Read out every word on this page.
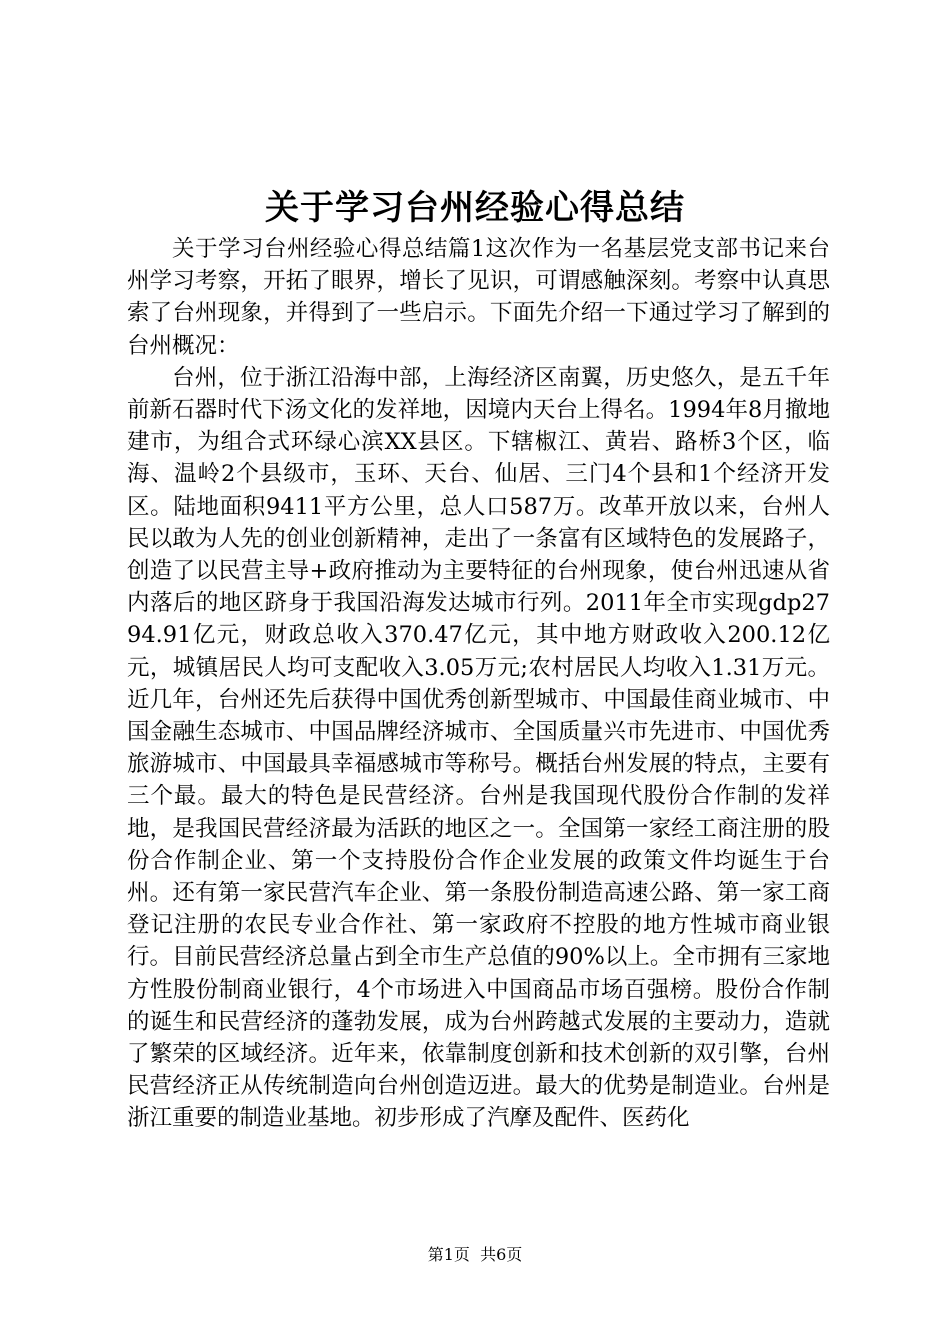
关于学习台州经验心得总结

关于学习台州经验心得总结篇1这次作为一名基层党支部书记来台州学习考察，开拓了眼界，增长了见识，可谓感触深刻。考察中认真思索了台州现象，并得到了一些启示。下面先介绍一下通过学习了解到的台州概况：

台州，位于浙江沿海中部，上海经济区南翼，历史悠久，是五千年前新石器时代下汤文化的发祥地，因境内天台上得名。1994年8月撤地建市，为组合式环绿心滨XX县区。下辖椒江、黄岩、路桥3个区，临海、温岭2个县级市，玉环、天台、仙居、三门4个县和1个经济开发区。陆地面积9411平方公里，总人口587万。改革开放以来，台州人民以敢为人先的创业创新精神，走出了一条富有区域特色的发展路子，创造了以民营主导+政府推动为主要特征的台州现象，使台州迅速从省内落后的地区跻身于我国沿海发达城市行列。2011年全市实现gdp2794.91亿元，财政总收入370.47亿元，其中地方财政收入200.12亿元，城镇居民人均可支配收入3.05万元;农村居民人均收入1.31万元。近几年，台州还先后获得中国优秀创新型城市、中国最佳商业城市、中国金融生态城市、中国品牌经济城市、全国质量兴市先进市、中国优秀旅游城市、中国最具幸福感城市等称号。概括台州发展的特点，主要有三个最。最大的特色是民营经济。台州是我国现代股份合作制的发祥地，是我国民营经济最为活跃的地区之一。全国第一家经工商注册的股份合作制企业、第一个支持股份合作企业发展的政策文件均诞生于台州。还有第一家民营汽车企业、第一条股份制造高速公路、第一家工商登记注册的农民专业合作社、第一家政府不控股的地方性城市商业银行。目前民营经济总量占到全市生产总值的90%以上。全市拥有三家地方性股份制商业银行，4个市场进入中国商品市场百强榜。股份合作制的诞生和民营经济的蓬勃发展，成为台州跨越式发展的主要动力，造就了繁荣的区域经济。近年来，依靠制度创新和技术创新的双引擎，台州民营经济正从传统制造向台州创造迈进。最大的优势是制造业。台州是浙江重要的制造业基地。初步形成了汽摩及配件、医药化

第1页 共6页
